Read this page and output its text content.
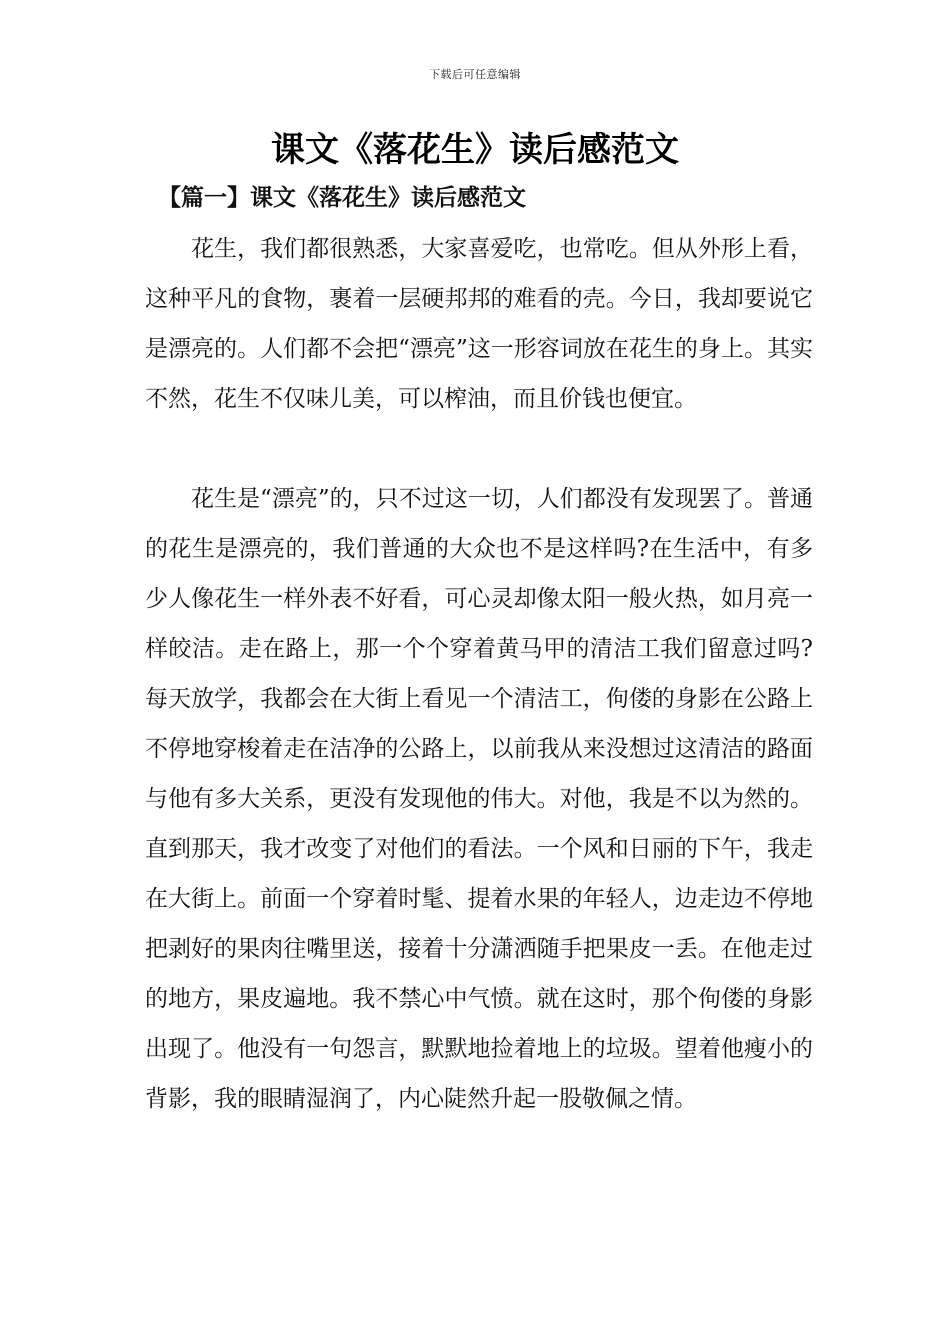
下载后可任意编辑
课文《落花生》读后感范文
【篇一】课文《落花生》读后感范文

花生，我们都很熟悉，大家喜爱吃，也常吃。但从外形上看，这种平凡的食物，裹着一层硬邦邦的难看的壳。今日，我却要说它是漂亮的。人们都不会把“漂亮”这一形容词放在花生的身上。其实不然，花生不仅味儿美，可以榨油，而且价钱也便宜。

花生是“漂亮”的，只不过这一切，人们都没有发现罢了。普通的花生是漂亮的，我们普通的大众也不是这样吗?在生活中，有多少人像花生一样外表不好看，可心灵却像太阳一般火热，如月亮一样皎洁。走在路上，那一个个穿着黄马甲的清洁工我们留意过吗?每天放学，我都会在大街上看见一个清洁工，佝偻的身影在公路上不停地穿梭着走在洁净的公路上，以前我从来没想过这清洁的路面与他有多大关系，更没有发现他的伟大。对他，我是不以为然的。直到那天，我才改变了对他们的看法。一个风和日丽的下午，我走在大街上。前面一个穿着时髦、提着水果的年轻人，边走边不停地把剥好的果肉往嘴里送，接着十分潇洒随手把果皮一丢。在他走过的地方，果皮遍地。我不禁心中气愤。就在这时，那个佝偻的身影出现了。他没有一句怨言，默默地捡着地上的垃圾。望着他瘦小的背影，我的眼睛湿润了，内心陡然升起一股敬佩之情。
